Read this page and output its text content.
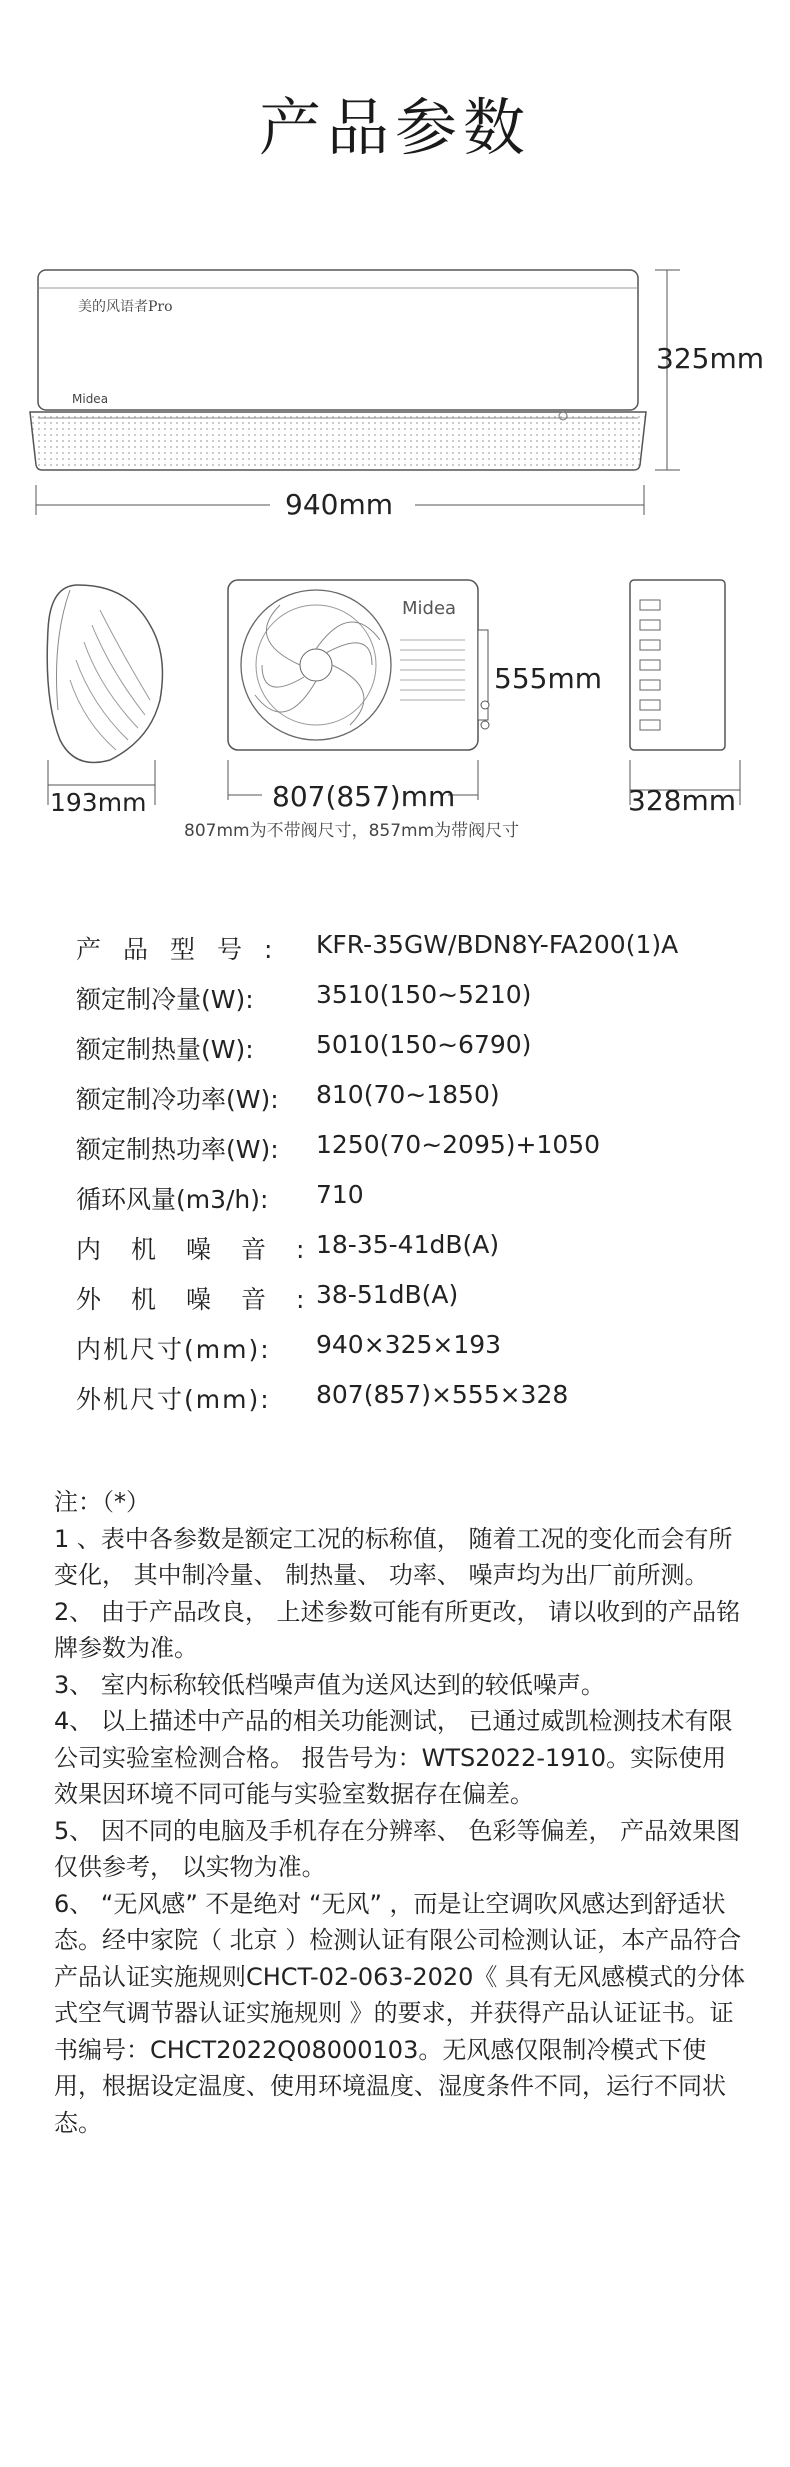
产品参数
美的风语者Pro
Midea
325mm
940mm
193mm
Midea
555mm
807(857)mm
807mm为不带阀尺寸，857mm为带阀尺寸
328mm
产品型号: KFR-35GW/BDN8Y-FA200(1)A
额定制冷量(W): 3510(150~5210)
额定制热量(W): 5010(150~6790)
额定制冷功率(W): 810(70~1850)
额定制热功率(W): 1250(70~2095)+1050
循环风量(m3/h): 710
内机噪音:
18-35-41dB(A)
外机噪音:
38-51dB(A)
内机尺寸(mm): 940×325×193
外机尺寸(mm): 807(857)×555×328

注：（*）

1 、表中各参数是额定工况的标称值， 随着工况的变化而会有所变化， 其中制冷量、 制热量、 功率、 噪声均为出厂前所测。

2、 由于产品改良， 上述参数可能有所更改， 请以收到的产品铭牌参数为准。

3、 室内标称较低档噪声值为送风达到的较低噪声。

4、 以上描述中产品的相关功能测试， 已通过威凯检测技术有限公司实验室检测合格。 报告号为：WTS2022-1910。实际使用 效果因环境不同可能与实验室数据存在偏差。

5、 因不同的电脑及手机存在分辨率、 色彩等偏差， 产品效果图仅供参考， 以实物为准。

6、 “无风感” 不是绝对 “无风” ，而是让空调吹风感达到舒适状态。经中家院（ 北京 ）检测认证有限公司检测认证，本产品符合产品认证实施规则CHCT-02-063-2020《 具有无风感模式的分体式空气调节器认证实施规则 》的要求，并获得产品认证证书。证书编号：CHCT2022Q08000103。无风感仅限制冷模式下使用，根据设定温度、使用环境温度、湿度条件不同，运行不同状态。
